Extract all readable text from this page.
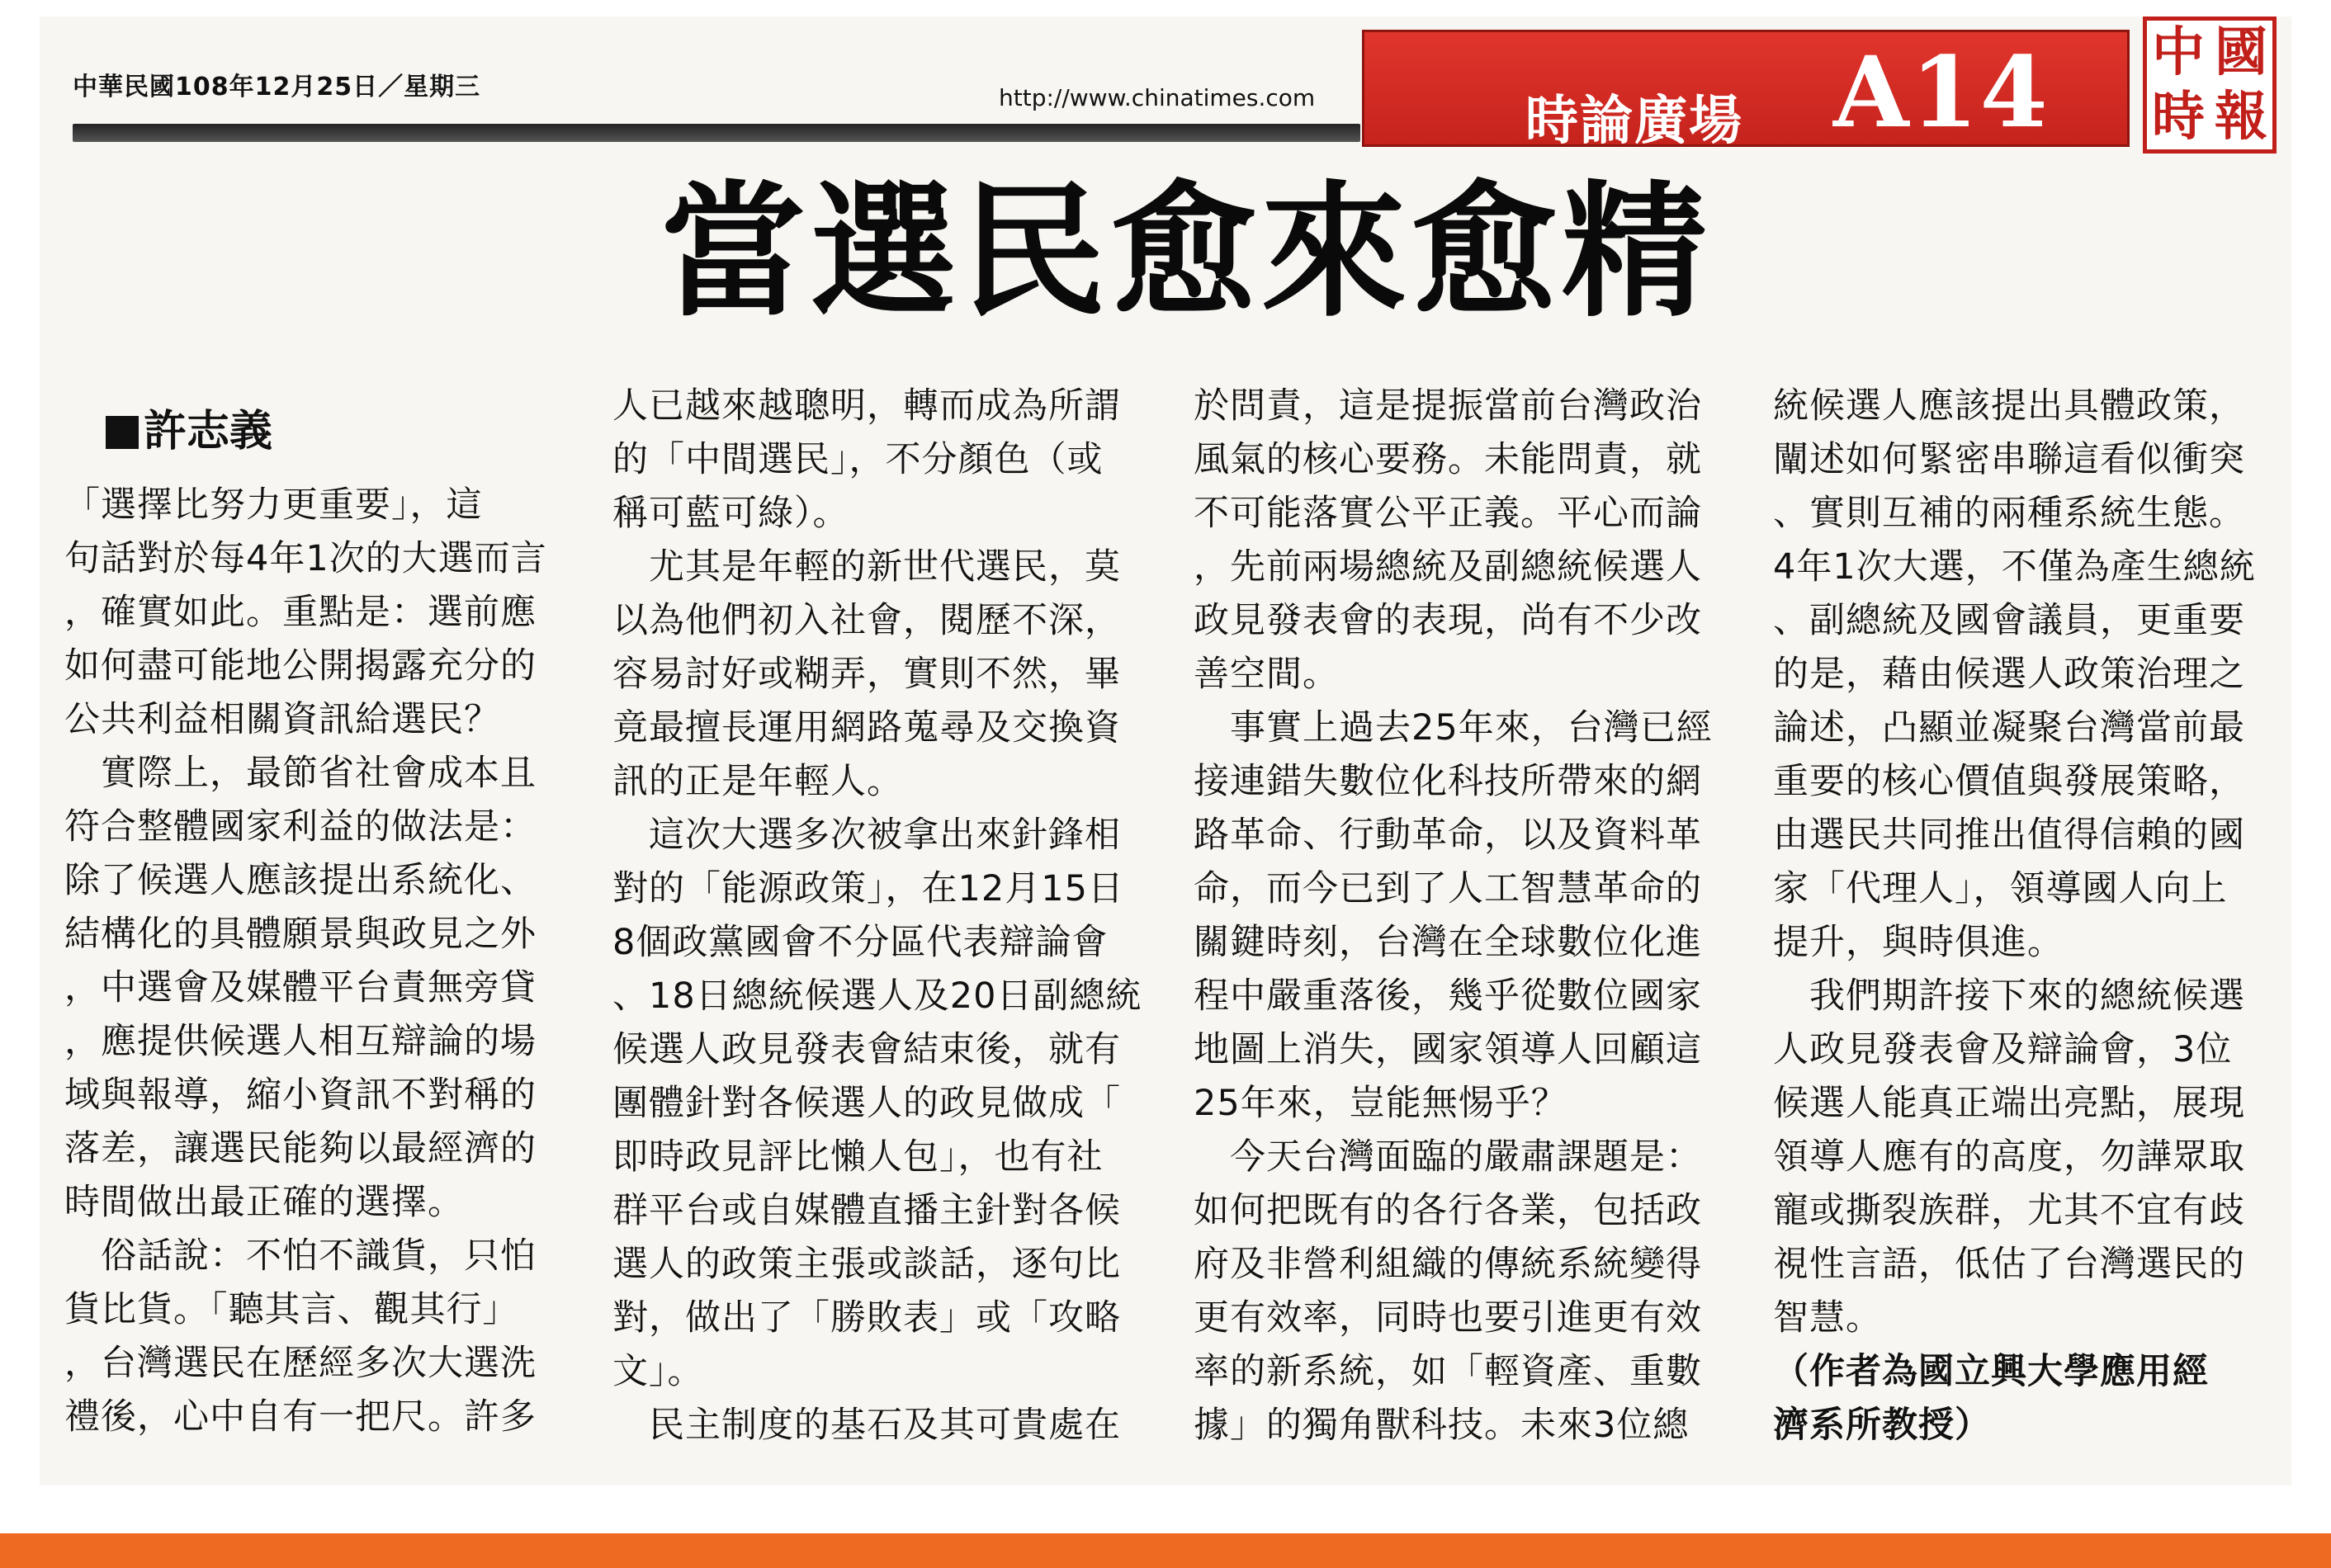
中華民國108年12月25日／星期三	http://www.chinatimes.com	時論廣場 A14 中 國
時 報
當選民愈來愈精
許志義

「選擇比努力更重要」，這

句話對於每4年1次的大選而言

，確實如此。重點是：選前應

如何盡可能地公開揭露充分的

公共利益相關資訊給選民？

　實際上，最節省社會成本且

符合整體國家利益的做法是：

除了候選人應該提出系統化、

結構化的具體願景與政見之外

，中選會及媒體平台責無旁貸

，應提供候選人相互辯論的場

域與報導，縮小資訊不對稱的

落差，讓選民能夠以最經濟的

時間做出最正確的選擇。

　俗話說：不怕不識貨，只怕

貨比貨。「聽其言、觀其行」

，台灣選民在歷經多次大選洗

禮後，心中自有一把尺。許多

人已越來越聰明，轉而成為所謂

的「中間選民」，不分顏色（或

稱可藍可綠）。

　尤其是年輕的新世代選民，莫

以為他們初入社會，閱歷不深，

容易討好或糊弄，實則不然，畢

竟最擅長運用網路蒐尋及交換資

訊的正是年輕人。

　這次大選多次被拿出來針鋒相

對的「能源政策」，在12月15日

8個政黨國會不分區代表辯論會

、18日總統候選人及20日副總統

候選人政見發表會結束後，就有

團體針對各候選人的政見做成「

即時政見評比懶人包」，也有社

群平台或自媒體直播主針對各候

選人的政策主張或談話，逐句比

對，做出了「勝敗表」或「攻略

文」。

　民主制度的基石及其可貴處在

於問責，這是提振當前台灣政治

風氣的核心要務。未能問責，就

不可能落實公平正義。平心而論

，先前兩場總統及副總統候選人

政見發表會的表現，尚有不少改

善空間。

　事實上過去25年來，台灣已經

接連錯失數位化科技所帶來的網

路革命、行動革命，以及資料革

命，而今已到了人工智慧革命的

關鍵時刻，台灣在全球數位化進

程中嚴重落後，幾乎從數位國家

地圖上消失，國家領導人回顧這

25年來，豈能無惕乎？

　今天台灣面臨的嚴肅課題是：

如何把既有的各行各業，包括政

府及非營利組織的傳統系統變得

更有效率，同時也要引進更有效

率的新系統，如「輕資產、重數

據」的獨角獸科技。未來3位總

統候選人應該提出具體政策，

闡述如何緊密串聯這看似衝突

、實則互補的兩種系統生態。

4年1次大選，不僅為產生總統

、副總統及國會議員，更重要

的是，藉由候選人政策治理之

論述，凸顯並凝聚台灣當前最

重要的核心價值與發展策略，

由選民共同推出值得信賴的國

家「代理人」，領導國人向上

提升，與時俱進。

　我們期許接下來的總統候選

人政見發表會及辯論會，3位

候選人能真正端出亮點，展現

領導人應有的高度，勿譁眾取

寵或撕裂族群，尤其不宜有歧

視性言語，低估了台灣選民的

智慧。

（作者為國立興大學應用經

濟系所教授）
